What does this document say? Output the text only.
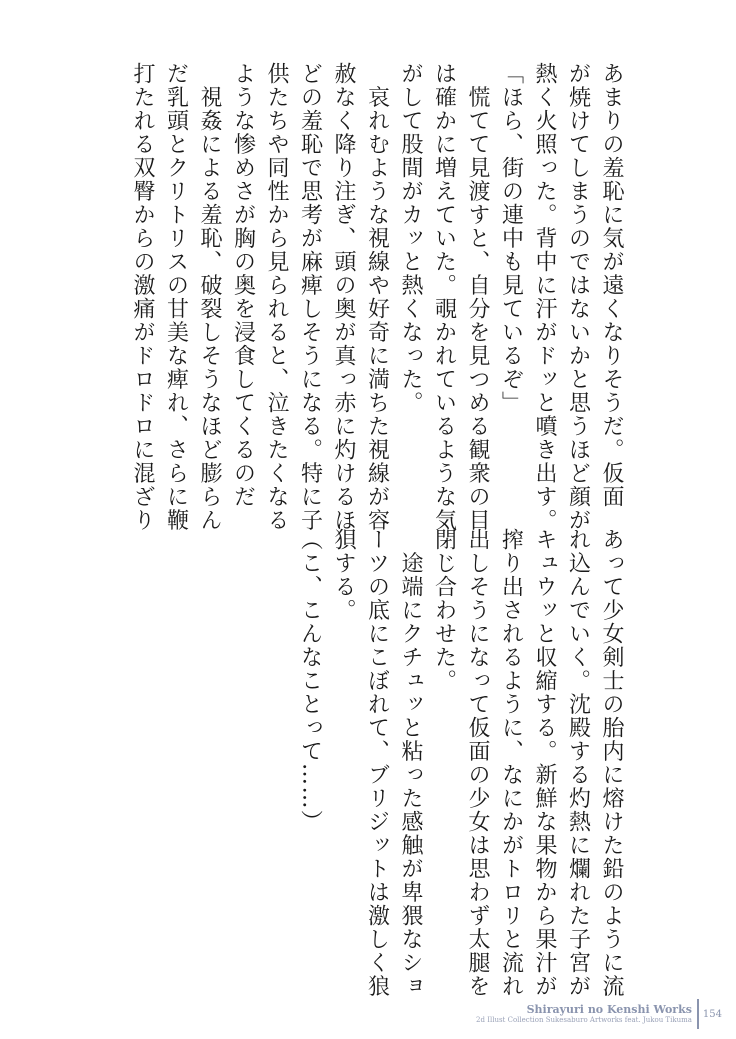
あまりの羞恥に気が遠くなりそうだ。仮面
が焼けてしまうのではないかと思うほど顔が
熱く火照った。背中に汗がドッと噴き出す。
「ほら、街の連中も見ているぞ」
　慌てて見渡すと、自分を見つめる観衆の目
は確かに増えていた。覗かれているような気
がして股間がカッと熱くなった。
　哀れむような視線や好奇に満ちた視線が容
赦なく降り注ぎ、頭の奥が真っ赤に灼けるほ
どの羞恥で思考が麻痺しそうになる。特に子
供たちや同性から見られると、泣きたくなる
ような惨めさが胸の奥を浸食してくるのだ
　視姦による羞恥、破裂しそうなほど膨らん
だ乳頭とクリトリスの甘美な痺れ、さらに鞭
打たれる双臀からの激痛がドロドロに混ざり
あって少女剣士の胎内に熔けた鉛のように流
れ込んでいく。沈殿する灼熱に爛れた子宮が
キュウッと収縮する。新鮮な果物から果汁が
搾り出されるように、なにかがトロリと流れ
出しそうになって仮面の少女は思わず太腿を
閉じ合わせた。
　途端にクチュッと粘った感触が卑猥なショ
ーツの底にこぼれて、ブリジットは激しく狼
狽する。
（こ、こんなことって……）
Shirayuri no Kenshi Works
2d Illust Collection Sukesaburo Artworks feat. Jukou Tikuma
154
